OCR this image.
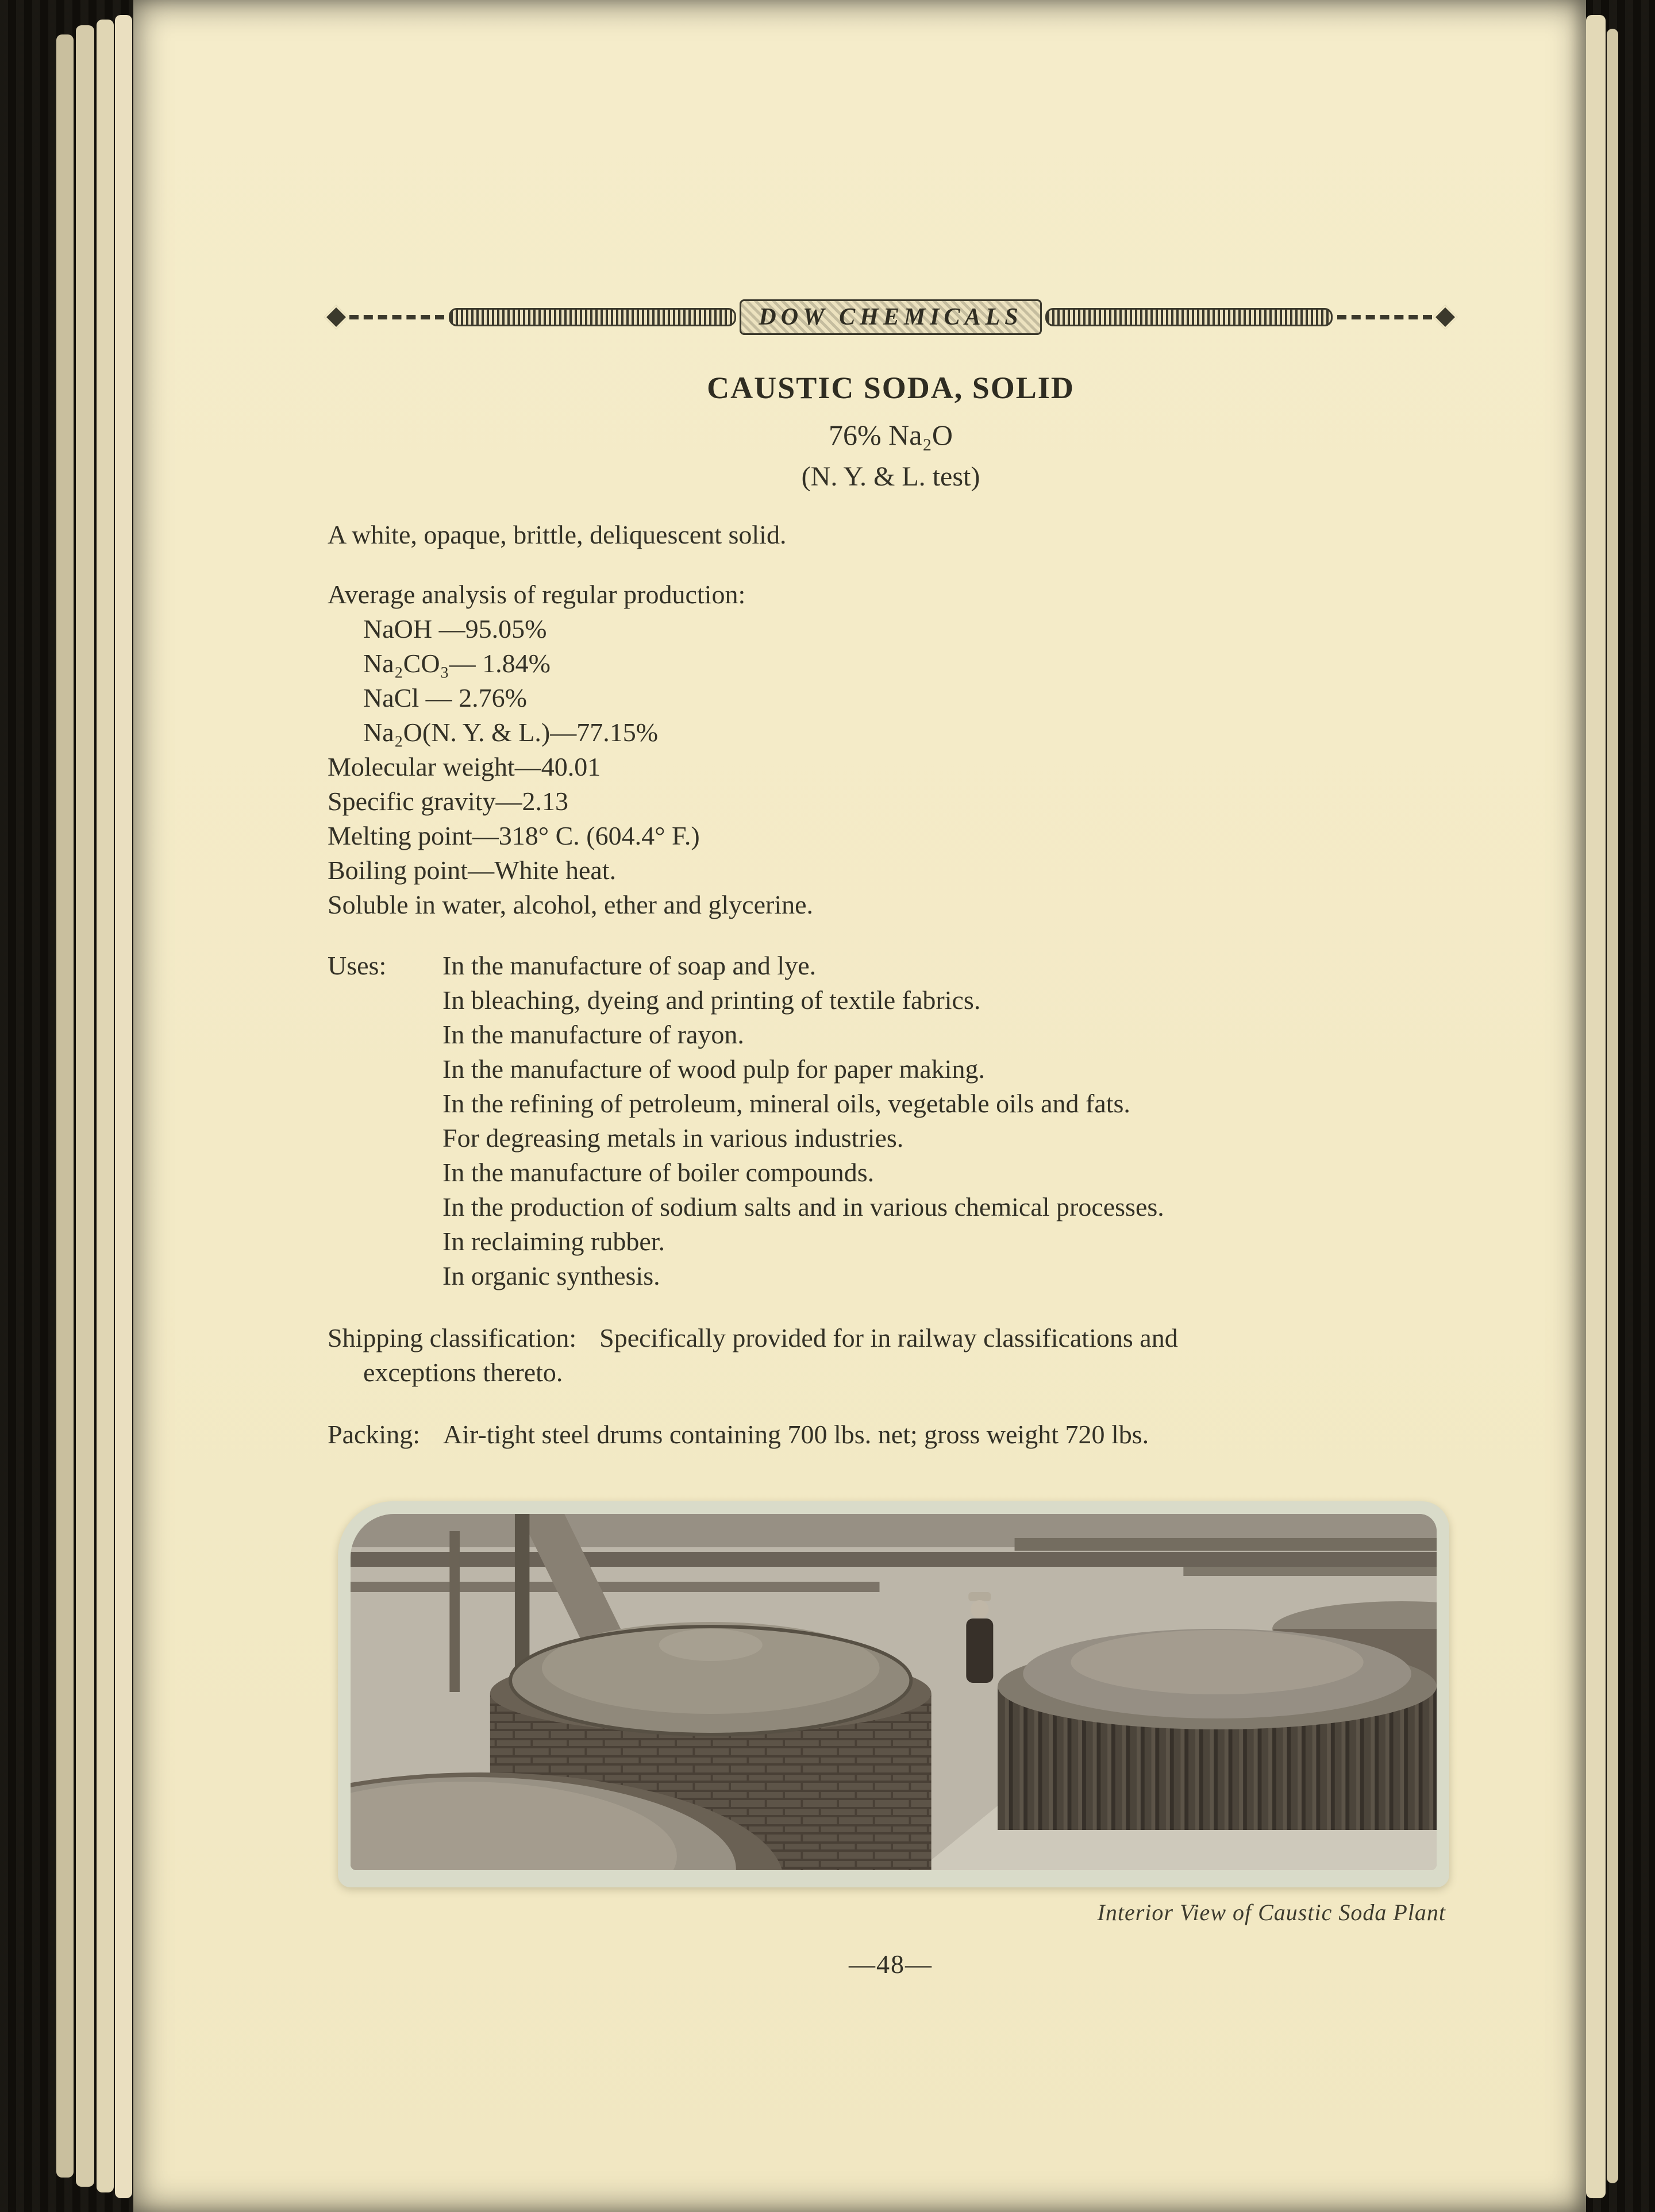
DOW CHEMICALS
CAUSTIC SODA, SOLID
76% Na₂O
(N. Y. & L. test)
A white, opaque, brittle, deliquescent solid.
Average analysis of regular production:
NaOH —95.05%
Na₂CO₃— 1.84%
NaCl — 2.76%
Na₂O(N. Y. & L.)—77.15%
Molecular weight—40.01
Specific gravity—2.13
Melting point—318° C. (604.4° F.)
Boiling point—White heat.
Soluble in water, alcohol, ether and glycerine.
Uses:	In the manufacture of soap and lye.
In bleaching, dyeing and printing of textile fabrics.
In the manufacture of rayon.
In the manufacture of wood pulp for paper making.
In the refining of petroleum, mineral oils, vegetable oils and fats.
For degreasing metals in various industries.
In the manufacture of boiler compounds.
In the production of sodium salts and in various chemical processes.
In reclaiming rubber.
In organic synthesis.
Shipping classification: Specifically provided for in railway classifications and
exceptions thereto.
Packing: Air-tight steel drums containing 700 lbs. net; gross weight 720 lbs.
Interior View of Caustic Soda Plant
—48—
